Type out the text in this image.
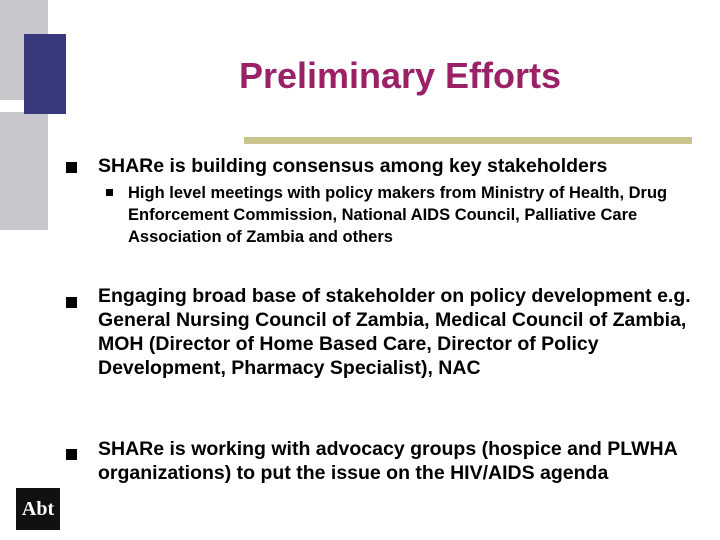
Preliminary Efforts

SHARe is building consensus among key stakeholders

High level meetings with policy makers from Ministry of Health, Drug Enforcement Commission, National AIDS Council, Palliative Care Association of Zambia and others

Engaging broad base of stakeholder on policy development e.g. General Nursing Council of Zambia, Medical Council of Zambia, MOH (Director of Home Based Care, Director of Policy Development, Pharmacy Specialist), NAC

SHARe is working with advocacy groups (hospice and PLWHA organizations) to put the issue on the HIV/AIDS agenda

Abt
